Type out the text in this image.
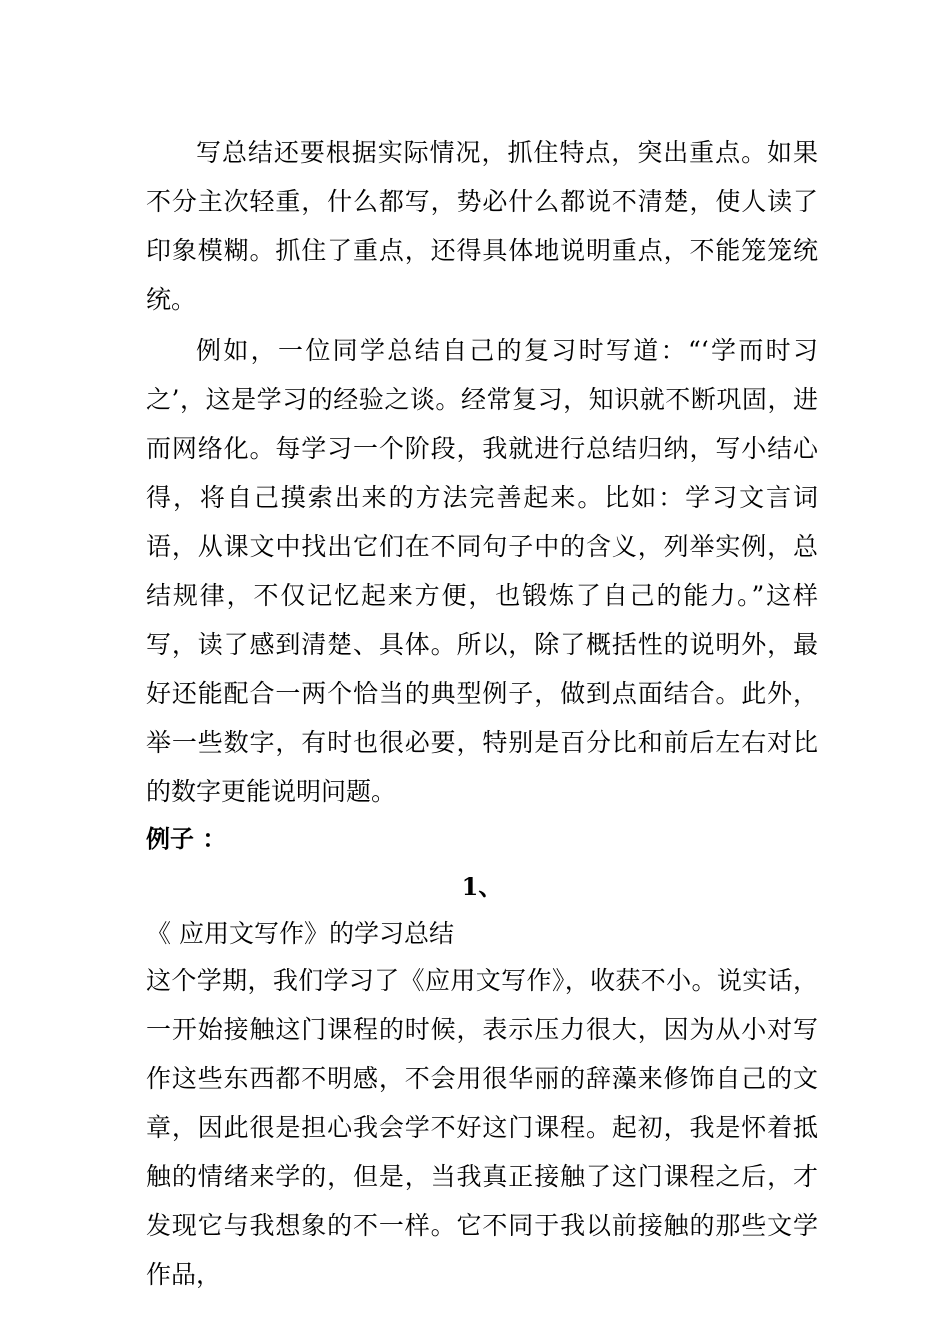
写总结还要根据实际情况，抓住特点，突出重点。如果不分主次轻重，什么都写，势必什么都说不清楚，使人读了印象模糊。抓住了重点，还得具体地说明重点，不能笼笼统统。

例如，一位同学总结自己的复习时写道：“‘学而时习之’，这是学习的经验之谈。经常复习，知识就不断巩固，进而网络化。每学习一个阶段，我就进行总结归纳，写小结心得，将自己摸索出来的方法完善起来。比如：学习文言词语，从课文中找出它们在不同句子中的含义，列举实例，总结规律，不仅记忆起来方便，也锻炼了自己的能力。”这样写，读了感到清楚、具体。所以，除了概括性的说明外，最好还能配合一两个恰当的典型例子，做到点面结合。此外，举一些数字，有时也很必要，特别是百分比和前后左右对比的数字更能说明问题。

例子 ：

1、

《 应用文写作》的学习总结

这个学期，我们学习了《应用文写作》，收获不小。说实话，一开始接触这门课程的时候，表示压力很大，因为从小对写作这些东西都不明感，不会用很华丽的辞藻来修饰自己的文章，因此很是担心我会学不好这门课程。起初，我是怀着抵触的情绪来学的，但是，当我真正接触了这门课程之后，才发现它与我想象的不一样。它不同于我以前接触的那些文学作品，
